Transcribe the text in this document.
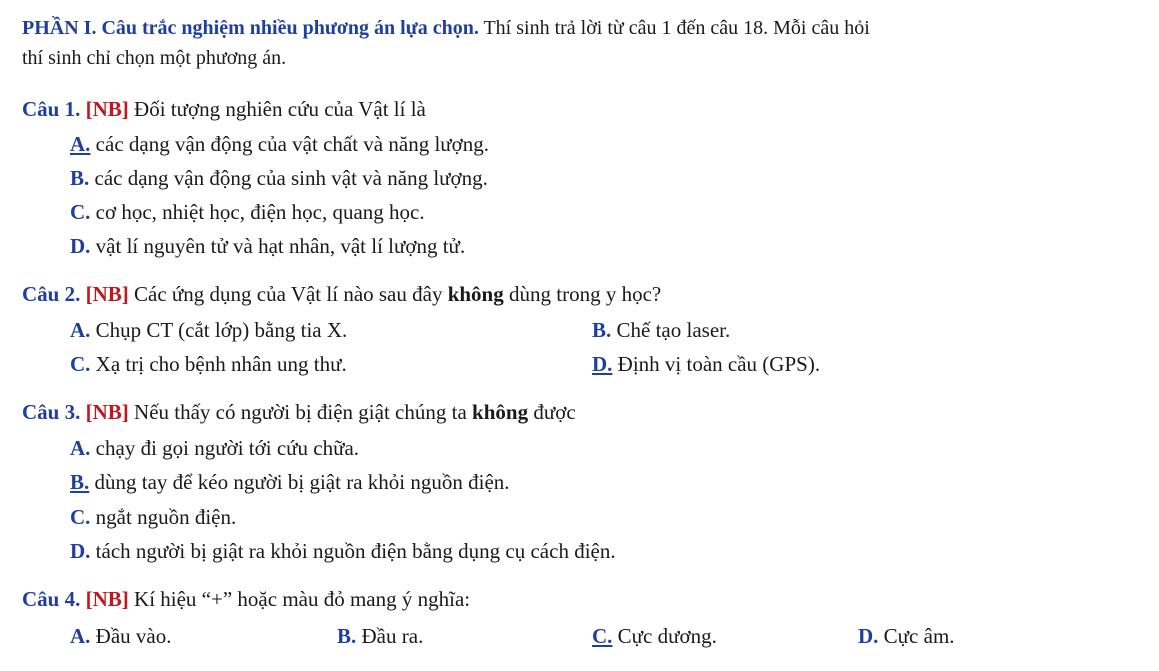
PHẦN I. Câu trắc nghiệm nhiều phương án lựa chọn. Thí sinh trả lời từ câu 1 đến câu 18. Mỗi câu hỏi
thí sinh chỉ chọn một phương án.
Câu 1. [NB] Đối tượng nghiên cứu của Vật lí là
A. các dạng vận động của vật chất và năng lượng.
B. các dạng vận động của sinh vật và năng lượng.
C. cơ học, nhiệt học, điện học, quang học.
D. vật lí nguyên tử và hạt nhân, vật lí lượng tử.
Câu 2. [NB] Các ứng dụng của Vật lí nào sau đây không dùng trong y học?
A. Chụp CT (cắt lớp) bằng tia X.	B. Chế tạo laser.
C. Xạ trị cho bệnh nhân ung thư.	D. Định vị toàn cầu (GPS).
Câu 3. [NB] Nếu thấy có người bị điện giật chúng ta không được
A. chạy đi gọi người tới cứu chữa.
B. dùng tay để kéo người bị giật ra khỏi nguồn điện.
C. ngắt nguồn điện.
D. tách người bị giật ra khỏi nguồn điện bằng dụng cụ cách điện.
Câu 4. [NB] Kí hiệu “+” hoặc màu đỏ mang ý nghĩa:
A. Đầu vào.	B. Đầu ra.	C. Cực dương.	D. Cực âm.
